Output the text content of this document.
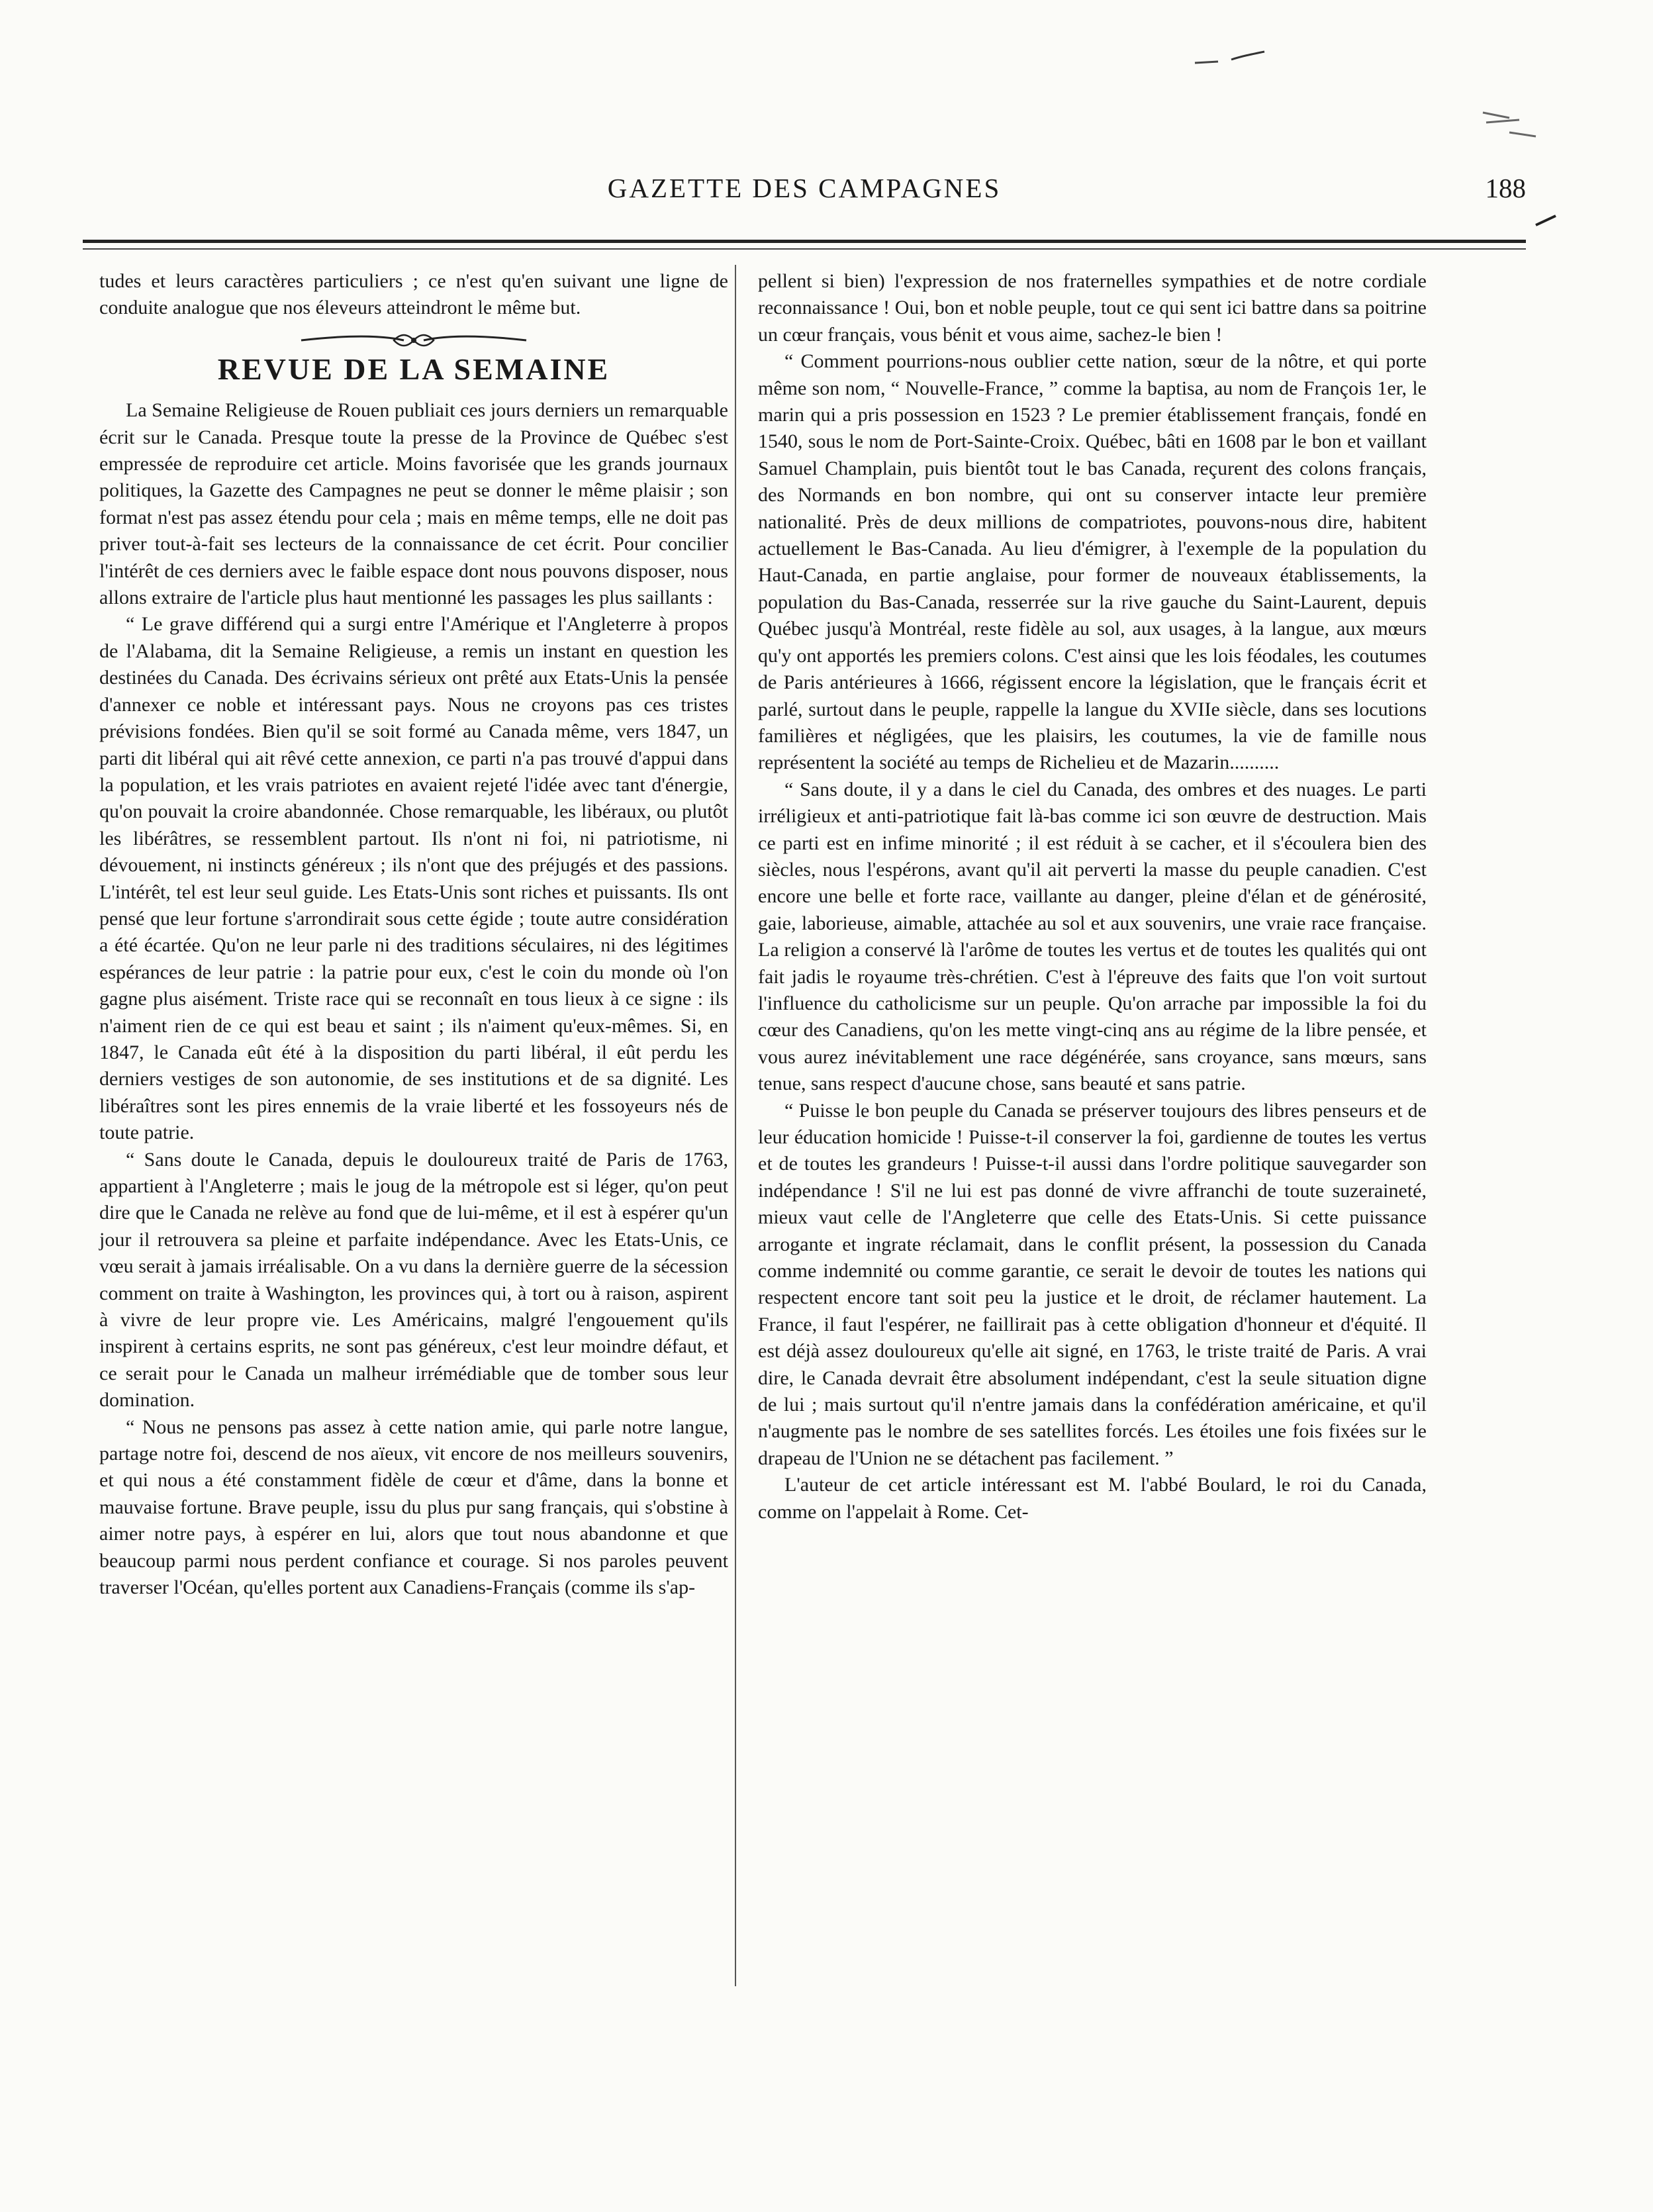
GAZETTE DES CAMPAGNES	188

tudes et leurs caractères particuliers ; ce n'est qu'en suivant une ligne de conduite analogue que nos éleveurs atteindront le même but.

REVUE DE LA SEMAINE

La Semaine Religieuse de Rouen publiait ces jours derniers un remarquable écrit sur le Canada. Presque toute la presse de la Province de Québec s'est empressée de reproduire cet article. Moins favorisée que les grands journaux politiques, la Gazette des Campagnes ne peut se donner le même plaisir ; son format n'est pas assez étendu pour cela ; mais en même temps, elle ne doit pas priver tout-à-fait ses lecteurs de la connaissance de cet écrit. Pour concilier l'intérêt de ces derniers avec le faible espace dont nous pouvons disposer, nous allons extraire de l'article plus haut mentionné les passages les plus saillants :

“ Le grave différend qui a surgi entre l'Amérique et l'Angleterre à propos de l'Alabama, dit la Semaine Religieuse, a remis un instant en question les destinées du Canada. Des écrivains sérieux ont prêté aux Etats-Unis la pensée d'annexer ce noble et intéressant pays. Nous ne croyons pas ces tristes prévisions fondées. Bien qu'il se soit formé au Canada même, vers 1847, un parti dit libéral qui ait rêvé cette annexion, ce parti n'a pas trouvé d'appui dans la population, et les vrais patriotes en avaient rejeté l'idée avec tant d'énergie, qu'on pouvait la croire abandonnée. Chose remarquable, les libéraux, ou plutôt les libérâtres, se ressemblent partout. Ils n'ont ni foi, ni patriotisme, ni dévouement, ni instincts généreux ; ils n'ont que des préjugés et des passions. L'intérêt, tel est leur seul guide. Les Etats-Unis sont riches et puissants. Ils ont pensé que leur fortune s'arrondirait sous cette égide ; toute autre considération a été écartée. Qu'on ne leur parle ni des traditions séculaires, ni des légitimes espérances de leur patrie : la patrie pour eux, c'est le coin du monde où l'on gagne plus aisément. Triste race qui se reconnaît en tous lieux à ce signe : ils n'aiment rien de ce qui est beau et saint ; ils n'aiment qu'eux-mêmes. Si, en 1847, le Canada eût été à la disposition du parti libéral, il eût perdu les derniers vestiges de son autonomie, de ses institutions et de sa dignité. Les libéraîtres sont les pires ennemis de la vraie liberté et les fossoyeurs nés de toute patrie.

“ Sans doute le Canada, depuis le douloureux traité de Paris de 1763, appartient à l'Angleterre ; mais le joug de la métropole est si léger, qu'on peut dire que le Canada ne relève au fond que de lui-même, et il est à espérer qu'un jour il retrouvera sa pleine et parfaite indépendance. Avec les Etats-Unis, ce vœu serait à jamais irréalisable. On a vu dans la dernière guerre de la sécession comment on traite à Washington, les provinces qui, à tort ou à raison, aspirent à vivre de leur propre vie. Les Américains, malgré l'engouement qu'ils inspirent à certains esprits, ne sont pas généreux, c'est leur moindre défaut, et ce serait pour le Canada un malheur irrémédiable que de tomber sous leur domination.

“ Nous ne pensons pas assez à cette nation amie, qui parle notre langue, partage notre foi, descend de nos aïeux, vit encore de nos meilleurs souvenirs, et qui nous a été constamment fidèle de cœur et d'âme, dans la bonne et mauvaise fortune. Brave peuple, issu du plus pur sang français, qui s'obstine à aimer notre pays, à espérer en lui, alors que tout nous abandonne et que beaucoup parmi nous perdent confiance et courage. Si nos paroles peuvent traverser l'Océan, qu'elles portent aux Canadiens-Français (comme ils s'ap-

pellent si bien) l'expression de nos fraternelles sympathies et de notre cordiale reconnaissance ! Oui, bon et noble peuple, tout ce qui sent ici battre dans sa poitrine un cœur français, vous bénit et vous aime, sachez-le bien !

“ Comment pourrions-nous oublier cette nation, sœur de la nôtre, et qui porte même son nom, “ Nouvelle-France, ” comme la baptisa, au nom de François 1er, le marin qui a pris possession en 1523 ? Le premier établissement français, fondé en 1540, sous le nom de Port-Sainte-Croix. Québec, bâti en 1608 par le bon et vaillant Samuel Champlain, puis bientôt tout le bas Canada, reçurent des colons français, des Normands en bon nombre, qui ont su conserver intacte leur première nationalité. Près de deux millions de compatriotes, pouvons-nous dire, habitent actuellement le Bas-Canada. Au lieu d'émigrer, à l'exemple de la population du Haut-Canada, en partie anglaise, pour former de nouveaux établissements, la population du Bas-Canada, resserrée sur la rive gauche du Saint-Laurent, depuis Québec jusqu'à Montréal, reste fidèle au sol, aux usages, à la langue, aux mœurs qu'y ont apportés les premiers colons. C'est ainsi que les lois féodales, les coutumes de Paris antérieures à 1666, régissent encore la législation, que le français écrit et parlé, surtout dans le peuple, rappelle la langue du XVIIe siècle, dans ses locutions familières et négligées, que les plaisirs, les coutumes, la vie de famille nous représentent la société au temps de Richelieu et de Mazarin..........

“ Sans doute, il y a dans le ciel du Canada, des ombres et des nuages. Le parti irréligieux et anti-patriotique fait là-bas comme ici son œuvre de destruction. Mais ce parti est en infime minorité ; il est réduit à se cacher, et il s'écoulera bien des siècles, nous l'espérons, avant qu'il ait perverti la masse du peuple canadien. C'est encore une belle et forte race, vaillante au danger, pleine d'élan et de générosité, gaie, laborieuse, aimable, attachée au sol et aux souvenirs, une vraie race française. La religion a conservé là l'arôme de toutes les vertus et de toutes les qualités qui ont fait jadis le royaume très-chrétien. C'est à l'épreuve des faits que l'on voit surtout l'influence du catholicisme sur un peuple. Qu'on arrache par impossible la foi du cœur des Canadiens, qu'on les mette vingt-cinq ans au régime de la libre pensée, et vous aurez inévitablement une race dégénérée, sans croyance, sans mœurs, sans tenue, sans respect d'aucune chose, sans beauté et sans patrie.

“ Puisse le bon peuple du Canada se préserver toujours des libres penseurs et de leur éducation homicide ! Puisse-t-il conserver la foi, gardienne de toutes les vertus et de toutes les grandeurs ! Puisse-t-il aussi dans l'ordre politique sauvegarder son indépendance ! S'il ne lui est pas donné de vivre affranchi de toute suzeraineté, mieux vaut celle de l'Angleterre que celle des Etats-Unis. Si cette puissance arrogante et ingrate réclamait, dans le conflit présent, la possession du Canada comme indemnité ou comme garantie, ce serait le devoir de toutes les nations qui respectent encore tant soit peu la justice et le droit, de réclamer hautement. La France, il faut l'espérer, ne faillirait pas à cette obligation d'honneur et d'équité. Il est déjà assez douloureux qu'elle ait signé, en 1763, le triste traité de Paris. A vrai dire, le Canada devrait être absolument indépendant, c'est la seule situation digne de lui ; mais surtout qu'il n'entre jamais dans la confédération américaine, et qu'il n'augmente pas le nombre de ses satellites forcés. Les étoiles une fois fixées sur le drapeau de l'Union ne se détachent pas facilement. ”

L'auteur de cet article intéressant est M. l'abbé Boulard, le roi du Canada, comme on l'appelait à Rome. Cet-
